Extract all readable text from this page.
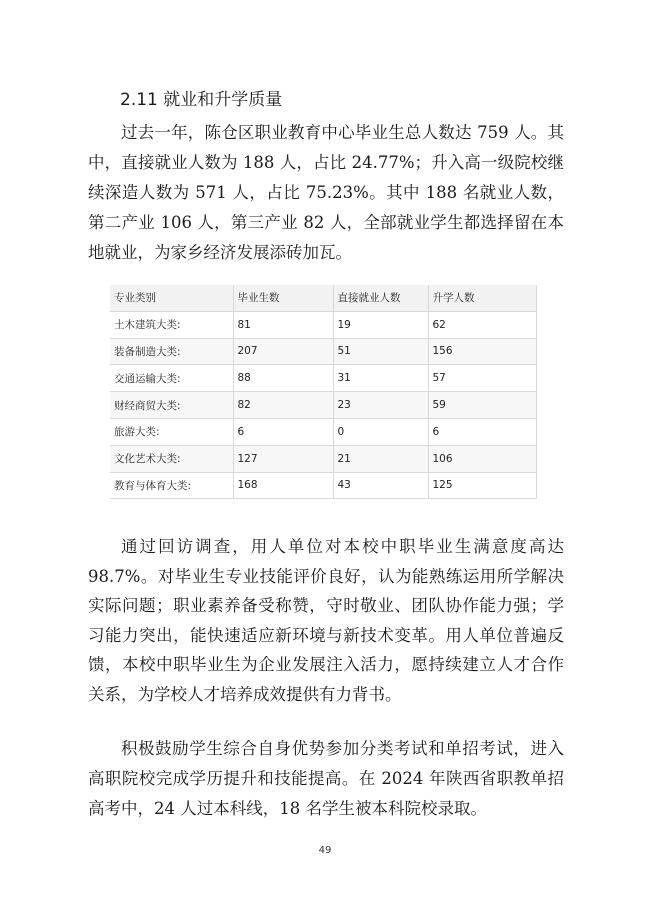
2.11 就业和升学质量

过去一年，陈仓区职业教育中心毕业生总人数达 759 人。其中，直接就业人数为 188 人，占比 24.77%；升入高一级院校继续深造人数为 571 人，占比 75.23%。其中 188 名就业人数，第二产业 106 人，第三产业 82 人，全部就业学生都选择留在本地就业，为家乡经济发展添砖加瓦。

专业类别	毕业生数	直接就业人数	升学人数
土木建筑大类:	81	19	62
装备制造大类:	207	51	156
交通运输大类:	88	31	57
财经商贸大类:	82	23	59
旅游大类:	6	0	6
文化艺术大类:	127	21	106
教育与体育大类:	168	43	125

通过回访调查，用人单位对本校中职毕业生满意度高达 98.7%。对毕业生专业技能评价良好，认为能熟练运用所学解决实际问题；职业素养备受称赞，守时敬业、团队协作能力强；学习能力突出，能快速适应新环境与新技术变革。用人单位普遍反馈，本校中职毕业生为企业发展注入活力，愿持续建立人才合作关系，为学校人才培养成效提供有力背书。

积极鼓励学生综合自身优势参加分类考试和单招考试，进入高职院校完成学历提升和技能提高。在 2024 年陕西省职教单招高考中，24 人过本科线，18 名学生被本科院校录取。

49
